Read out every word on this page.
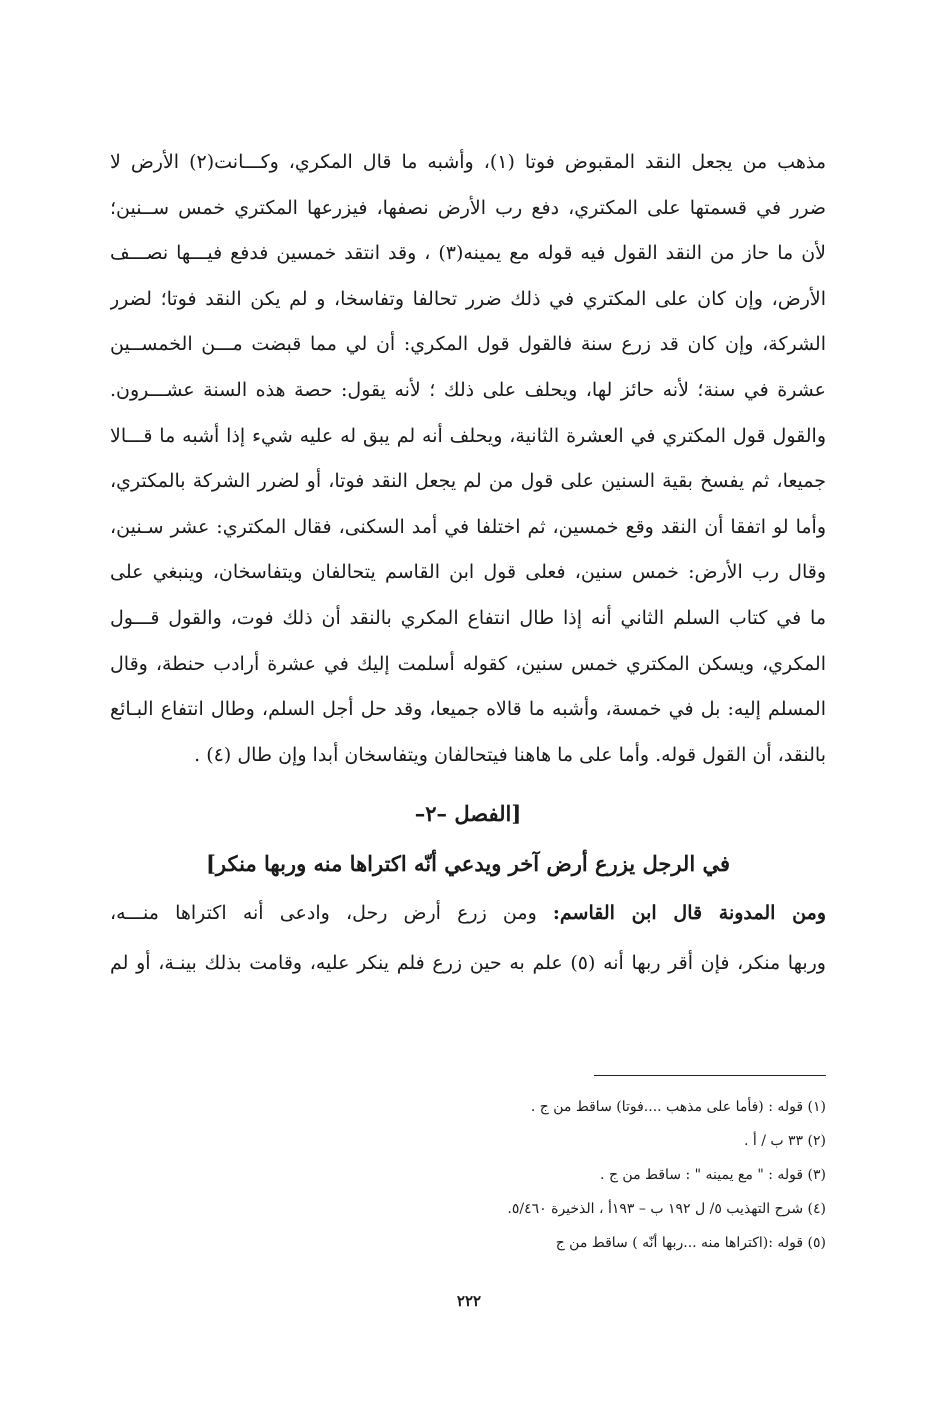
مذهب من يجعل النقد المقبوض فوتا (١)، وأشبه ما قال المكري، وكـــانت(٢) الأرض لا
ضرر في قسمتها على المكتري، دفع رب الأرض نصفها، فيزرعها المكتري خمس ســنين؛
لأن ما حاز من النقد القول فيه قوله مع يمينه(٣) ، وقد انتقد خمسين فدفع فيـــها نصـــف
الأرض، وإن كان على المكتري في ذلك ضرر تحالفا وتفاسخا، و لم يكن النقد فوتا؛ لضرر
الشركة، وإن كان قد زرع سنة فالقول قول المكري: أن لي مما قبضت مـــن الخمســين
عشرة في سنة؛ لأنه حائز لها، ويحلف على ذلك ؛ لأنه يقول: حصة هذه السنة عشـــرون.
والقول قول المكتري في العشرة الثانية، ويحلف أنه لم يبق له عليه شيء إذا أشبه ما قـــالا
جميعا، ثم يفسخ بقية السنين على قول من لم يجعل النقد فوتا، أو لضرر الشركة بالمكتري،
وأما لو اتفقا أن النقد وقع خمسين، ثم اختلفا في أمد السكنى، فقال المكتري: عشر سـنين،
وقال رب الأرض: خمس سنين، فعلى قول ابن القاسم يتحالفان ويتفاسخان، وينبغي على
ما في كتاب السلم الثاني أنه إذا طال انتفاع المكري بالنقد أن ذلك فوت، والقول قـــول
المكري، ويسكن المكتري خمس سنين، كقوله أسلمت إليك في عشرة أرادب حنطة، وقال
المسلم إليه: بل في خمسة، وأشبه ما قالاه جميعا، وقد حل أجل السلم، وطال انتفاع البـائع
بالنقد، أن القول قوله. وأما على ما هاهنا فيتحالفان ويتفاسخان أبدا وإن طال (٤) .
[الفصل –٢–
في الرجل يزرع أرض آخر ويدعي أنّه اكتراها منه وربها منكر]
ومن المدونة قال ابن القاسم: ومن زرع أرض رحل، وادعى أنه اكتراها منـــه،
وربها منكر، فإن أقر ربها أنه (٥) علم به حين زرع فلم ينكر عليه، وقامت بذلك بينـة، أو لم
(١) قوله : (فأما على مذهب ....فوتا) ساقط من ج .
(٢) ٣٣ ب / أ .
(٣) قوله : " مع يمينه " : ساقط من ج .
(٤) شرح التهذيب ٥/ ل ١٩٢ ب – ١٩٣أ ، الذخيرة ٥/٤٦٠.
(٥) قوله :(اكتراها منه ...ربها أنّه ) ساقط من ج
٢٢٢
